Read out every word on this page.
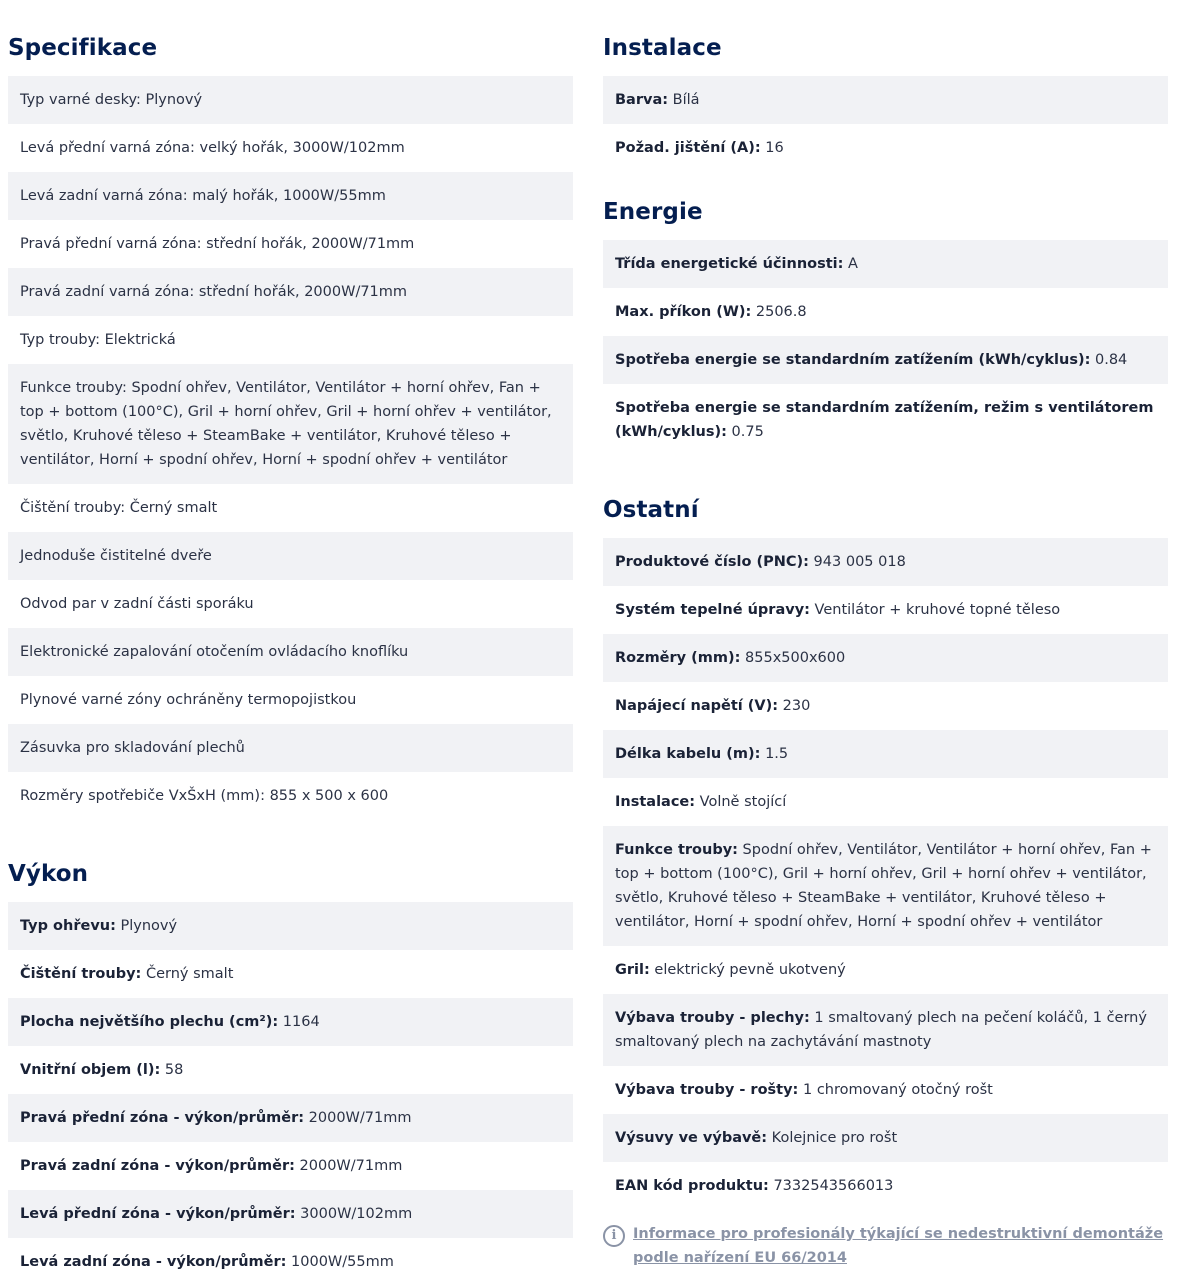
Specifikace
Typ varné desky: Plynový
Levá přední varná zóna: velký hořák, 3000W/102mm
Levá zadní varná zóna: malý hořák, 1000W/55mm
Pravá přední varná zóna: střední hořák, 2000W/71mm
Pravá zadní varná zóna: střední hořák, 2000W/71mm
Typ trouby: Elektrická
Funkce trouby: Spodní ohřev, Ventilátor, Ventilátor + horní ohřev, Fan + top + bottom (100°C), Gril + horní ohřev, Gril + horní ohřev + ventilátor, světlo, Kruhové těleso + SteamBake + ventilátor, Kruhové těleso + ventilátor, Horní + spodní ohřev, Horní + spodní ohřev + ventilátor
Čištění trouby: Černý smalt
Jednoduše čistitelné dveře
Odvod par v zadní části sporáku
Elektronické zapalování otočením ovládacího knoflíku
Plynové varné zóny ochráněny termopojistkou
Zásuvka pro skladování plechů
Rozměry spotřebiče VxŠxH (mm): 855 x 500 x 600
Výkon
Typ ohřevu: Plynový
Čištění trouby: Černý smalt
Plocha největšího plechu (cm²): 1164
Vnitřní objem (l): 58
Pravá přední zóna - výkon/průměr: 2000W/71mm
Pravá zadní zóna - výkon/průměr: 2000W/71mm
Levá přední zóna - výkon/průměr: 3000W/102mm
Levá zadní zóna - výkon/průměr: 1000W/55mm
Instalace
Barva: Bílá
Požad. jištění (A): 16
Energie
Třída energetické účinnosti: A
Max. příkon (W): 2506.8
Spotřeba energie se standardním zatížením (kWh/cyklus): 0.84
Spotřeba energie se standardním zatížením, režim s ventilátorem (kWh/cyklus): 0.75
Ostatní
Produktové číslo (PNC): 943 005 018
Systém tepelné úpravy: Ventilátor + kruhové topné těleso
Rozměry (mm): 855x500x600
Napájecí napětí (V): 230
Délka kabelu (m): 1.5
Instalace: Volně stojící
Funkce trouby: Spodní ohřev, Ventilátor, Ventilátor + horní ohřev, Fan + top + bottom (100°C), Gril + horní ohřev, Gril + horní ohřev + ventilátor, světlo, Kruhové těleso + SteamBake + ventilátor, Kruhové těleso + ventilátor, Horní + spodní ohřev, Horní + spodní ohřev + ventilátor
Gril: elektrický pevně ukotvený
Výbava trouby - plechy: 1 smaltovaný plech na pečení koláčů, 1 černý smaltovaný plech na zachytávání mastnoty
Výbava trouby - rošty: 1 chromovaný otočný rošt
Výsuvy ve výbavě: Kolejnice pro rošt
EAN kód produktu: 7332543566013
i	Informace pro profesionály týkající se nedestruktivní demontáže podle nařízení EU 66/2014
